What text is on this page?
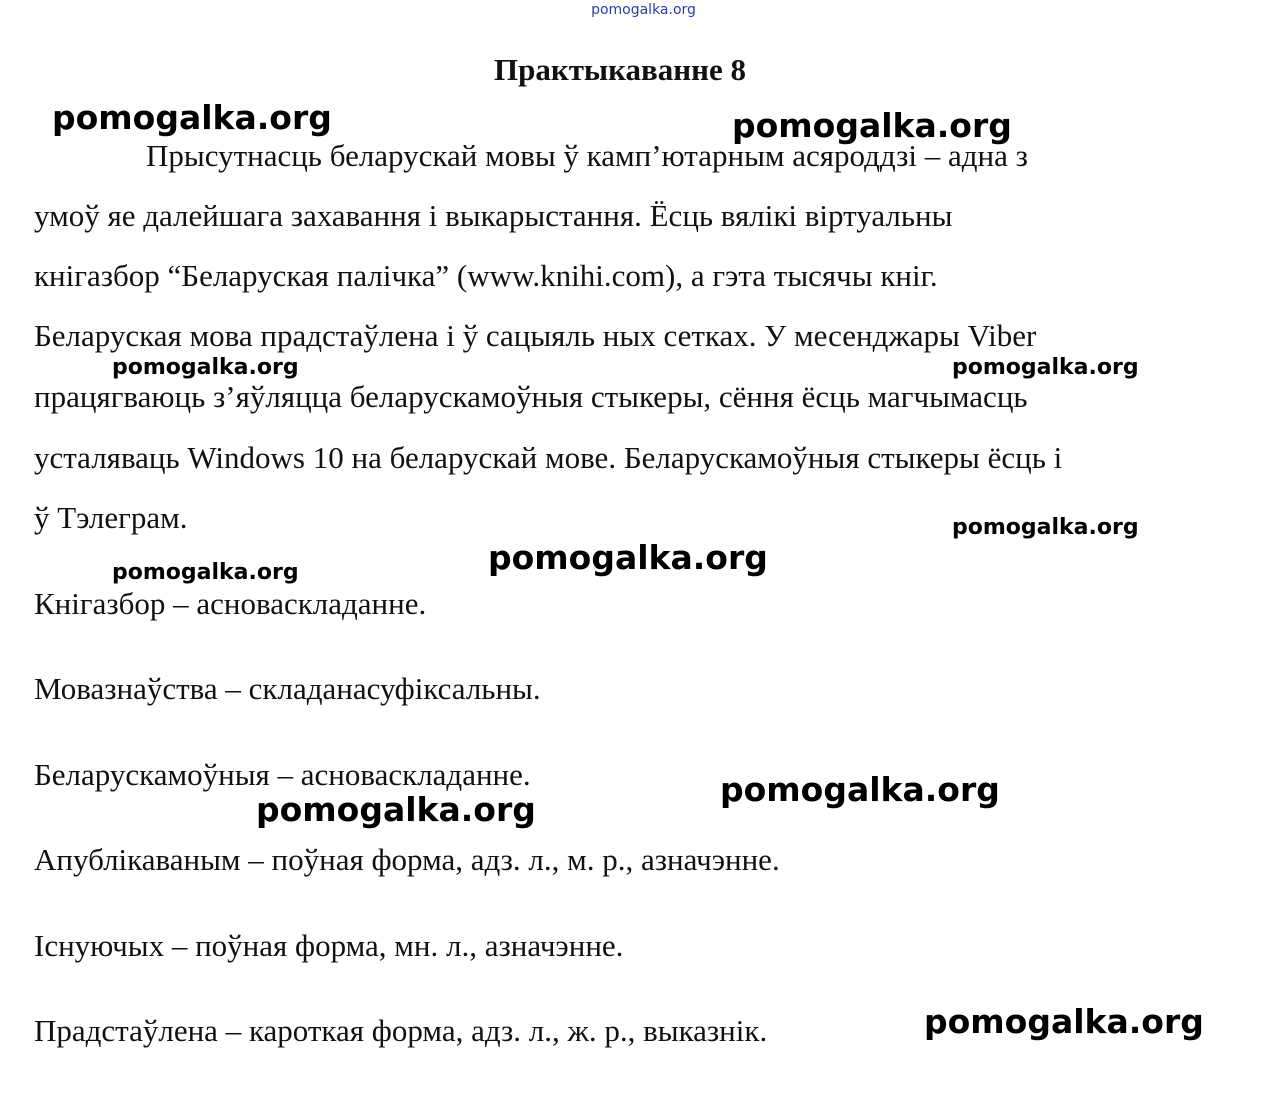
pomogalka.org
Практыкаванне 8
Прысутнасць беларускай мовы ў камп’ютарным асяроддзі – адна з
умоў яе далейшага захавання і выкарыстання. Ёсць вялікі віртуальны
кнігазбор “Беларуская палічка” (www.knihi.com), а гэта тысячы кніг.
Беларуская мова прадстаўлена і ў сацыяль ных сетках. У месенджары Viber
працягваюць з’яўляцца беларускамоўныя стыкеры, сёння ёсць магчымасць
усталяваць Windows 10 на беларускай мове. Беларускамоўныя стыкеры ёсць і
ў Тэлеграм.
Кнігазбор – асноваскладанне.
Мовазнаўства – складанасуфіксальны.
Беларускамоўныя – асноваскладанне.
Апублікаваным – поўная форма, адз. л., м. р., азначэнне.
Існуючых – поўная форма, мн. л., азначэнне.
Прадстаўлена – кароткая форма, адз. л., ж. р., выказнік.
pomogalka.org	pomogalka.org
pomogalka.org	pomogalka.org
pomogalka.org
pomogalka.org
pomogalka.org
pomogalka.org
pomogalka.org
pomogalka.org
